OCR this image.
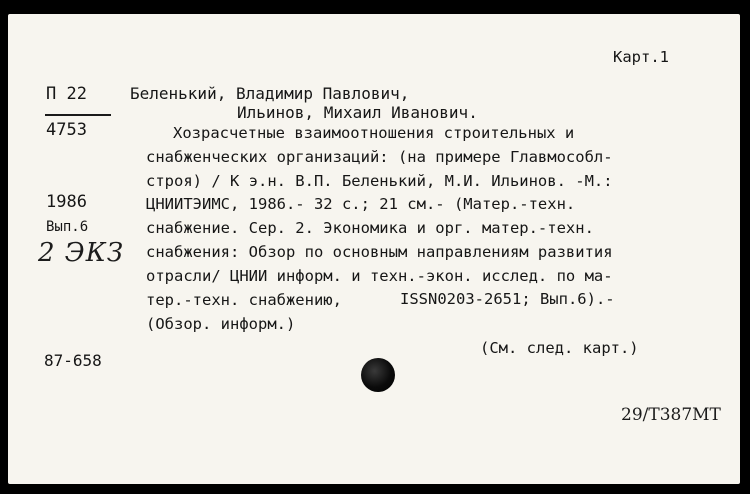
Карт.1
П 22
4753
Беленький, Владимир Павлович,
Ильинов, Михаил Иванович.
Хозрасчетные взаимоотношения строительных и
снабженческих организаций: (на примере Главмособл-
строя) / К э.н. В.П. Беленький, М.И. Ильинов. -М.:
ЦНИИТЭИМС, 1986.- 32 с.; 21 см.- (Матер.-техн.
снабжение. Сер. 2. Экономика и орг. матер.-техн.
снабжения: Обзор по основным направлениям развития
отрасли/ ЦНИИ информ. и техн.-экон. исслед. по ма-
тер.-техн. снабжению,	ISSN0203-2651; Вып.6).-
(Обзор. информ.)
1986
Вып.6
2 ЭКЗ
87-658
(См. след. карт.)
29/Т387МТ
